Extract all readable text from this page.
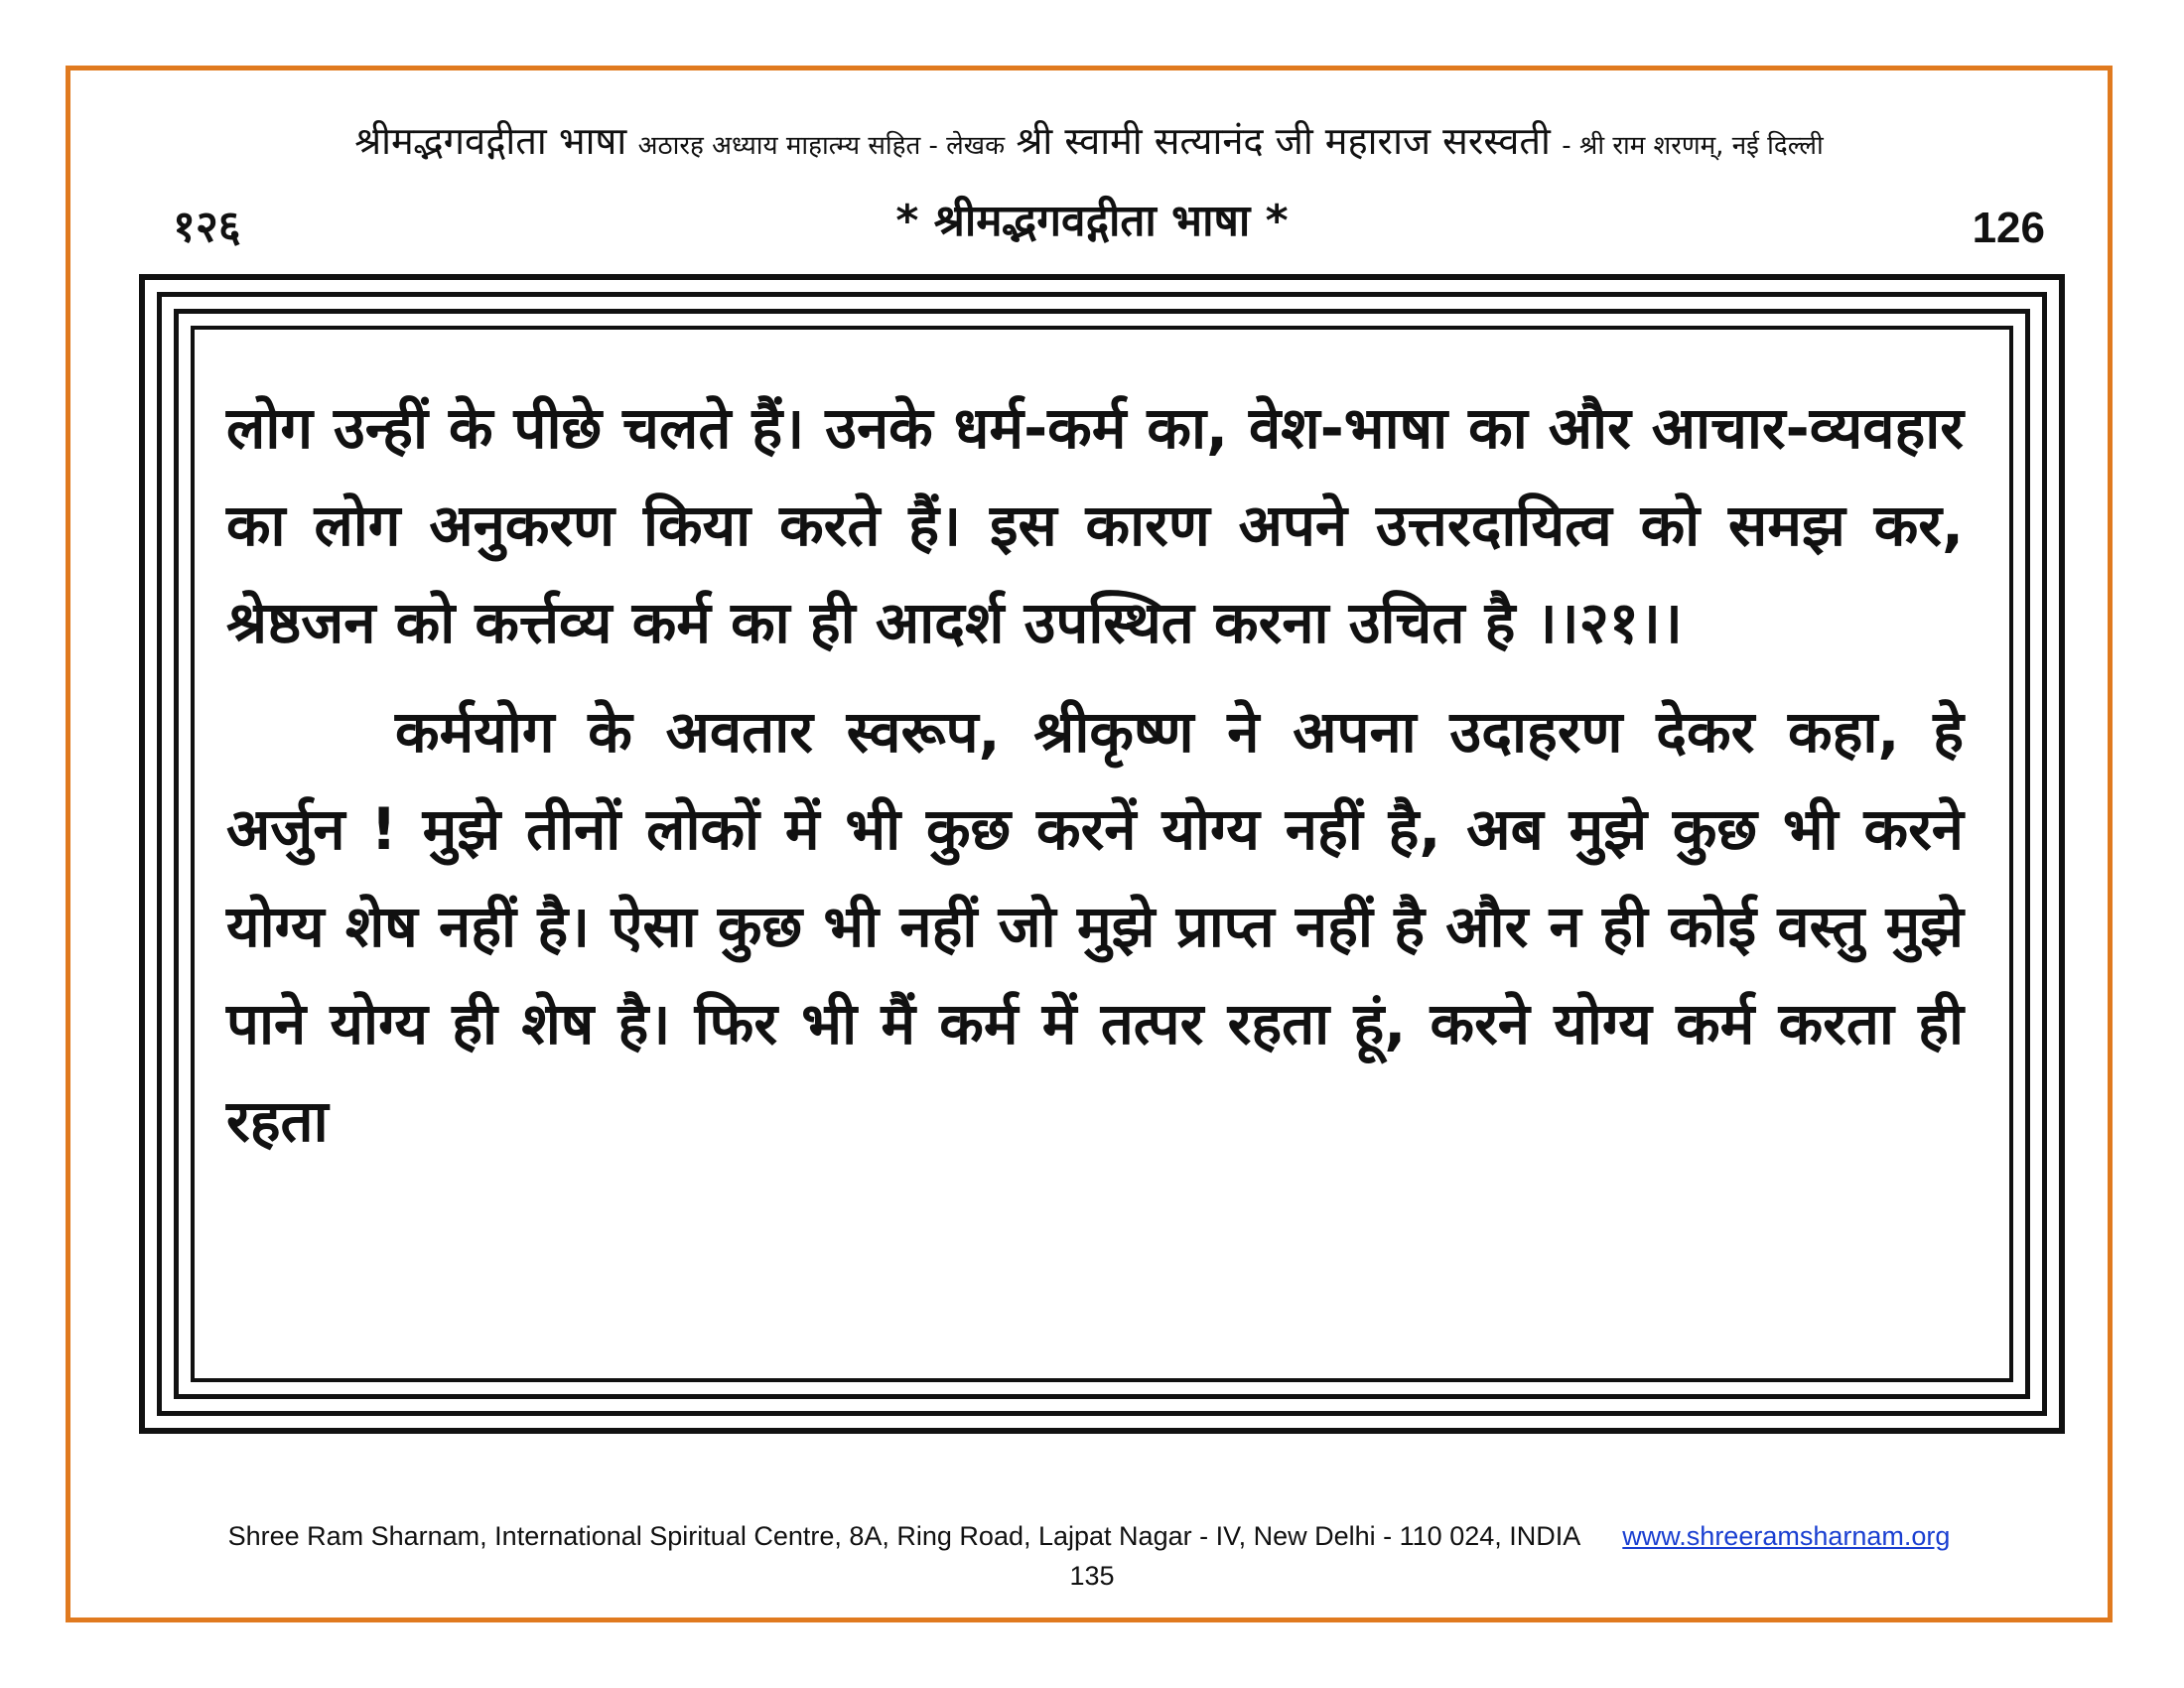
श्रीमद्भगवद्गीता भाषा अठारह अध्याय माहात्म्य सहित - लेखक श्री स्वामी सत्यानंद जी महाराज सरस्वती - श्री राम शरणम्, नई दिल्ली
१२६	* श्रीमद्भगवद्गीता भाषा *	126

लोग उन्हीं के पीछे चलते हैं। उनके धर्म-कर्म का, वेश-भाषा का और आचार-व्यवहार का लोग अनुकरण किया करते हैं। इस कारण अपने उत्तरदायित्व को समझ कर, श्रेष्ठजन को कर्त्तव्य कर्म का ही आदर्श उपस्थित करना उचित है ।।२१।।

कर्मयोग के अवतार स्वरूप, श्रीकृष्ण ने अपना उदाहरण देकर कहा, हे अर्जुन ! मुझे तीनों लोकों में भी कुछ करनें योग्य नहीं है, अब मुझे कुछ भी करने योग्य शेष नहीं है। ऐसा कुछ भी नहीं जो मुझे प्राप्त नहीं है और न ही कोई वस्तु मुझे पाने योग्य ही शेष है। फिर भी मैं कर्म में तत्पर रहता हूं, करने योग्य कर्म करता ही रहता

Shree Ram Sharnam, International Spiritual Centre, 8A, Ring Road, Lajpat Nagar - IV, New Delhi - 110 024, INDIA www.shreeramsharnam.org
135
